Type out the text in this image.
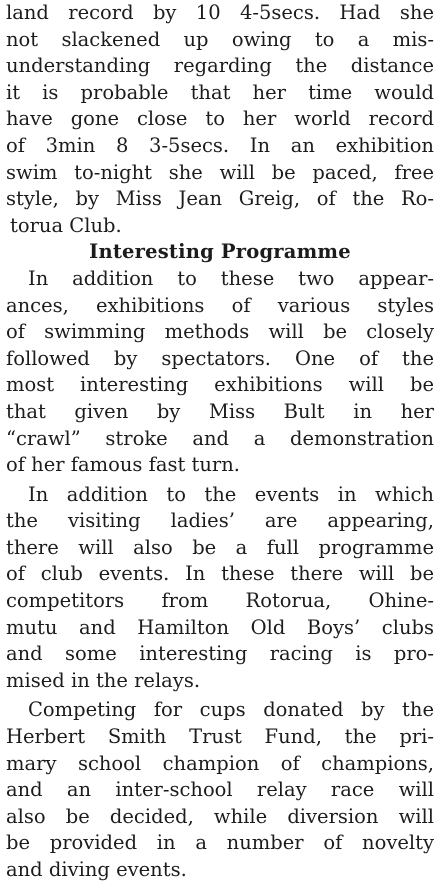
land record by 10 4-5secs. Had she
not slackened up owing to a mis-
understanding regarding the distance
it is probable that her time would
have gone close to her world record
of 3min 8 3-5secs. In an exhibition
swim to-night she will be paced, free
style, by Miss Jean Greig, of the Ro-
torua Club.
Interesting Programme
In addition to these two appear-
ances, exhibitions of various styles
of swimming methods will be closely
followed by spectators. One of the
most interesting exhibitions will be
that given by Miss Bult in her
“crawl” stroke and a demonstration
of her famous fast turn.
In addition to the events in which
the visiting ladies’ are appearing,
there will also be a full programme
of club events. In these there will be
competitors from Rotorua, Ohine-
mutu and Hamilton Old Boys’ clubs
and some interesting racing is pro-
mised in the relays.
Competing for cups donated by the
Herbert Smith Trust Fund, the pri-
mary school champion of champions,
and an inter-school relay race will
also be decided, while diversion will
be provided in a number of novelty
and diving events.
